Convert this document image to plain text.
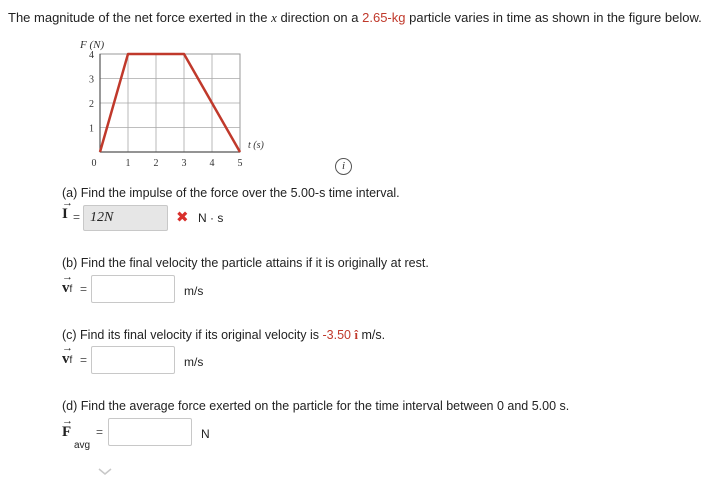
The magnitude of the net force exerted in the x direction on a 2.65-kg particle varies in time as shown in the figure below.
0	1 2 3 4 5
1
2
3
4
F (N)
t (s)
i
(a) Find the impulse of the force over the 5.00-s time interval.
→
I = 12N	✖ N · s
(b) Find the final velocity the particle attains if it is originally at rest.
→
vf =	m/s
(c) Find its final velocity if its original velocity is -3.50 î m/s.
→
vf =	m/s
(d) Find the average force exerted on the particle for the time interval between 0 and 5.00 s.
→
F
avg
=	N
